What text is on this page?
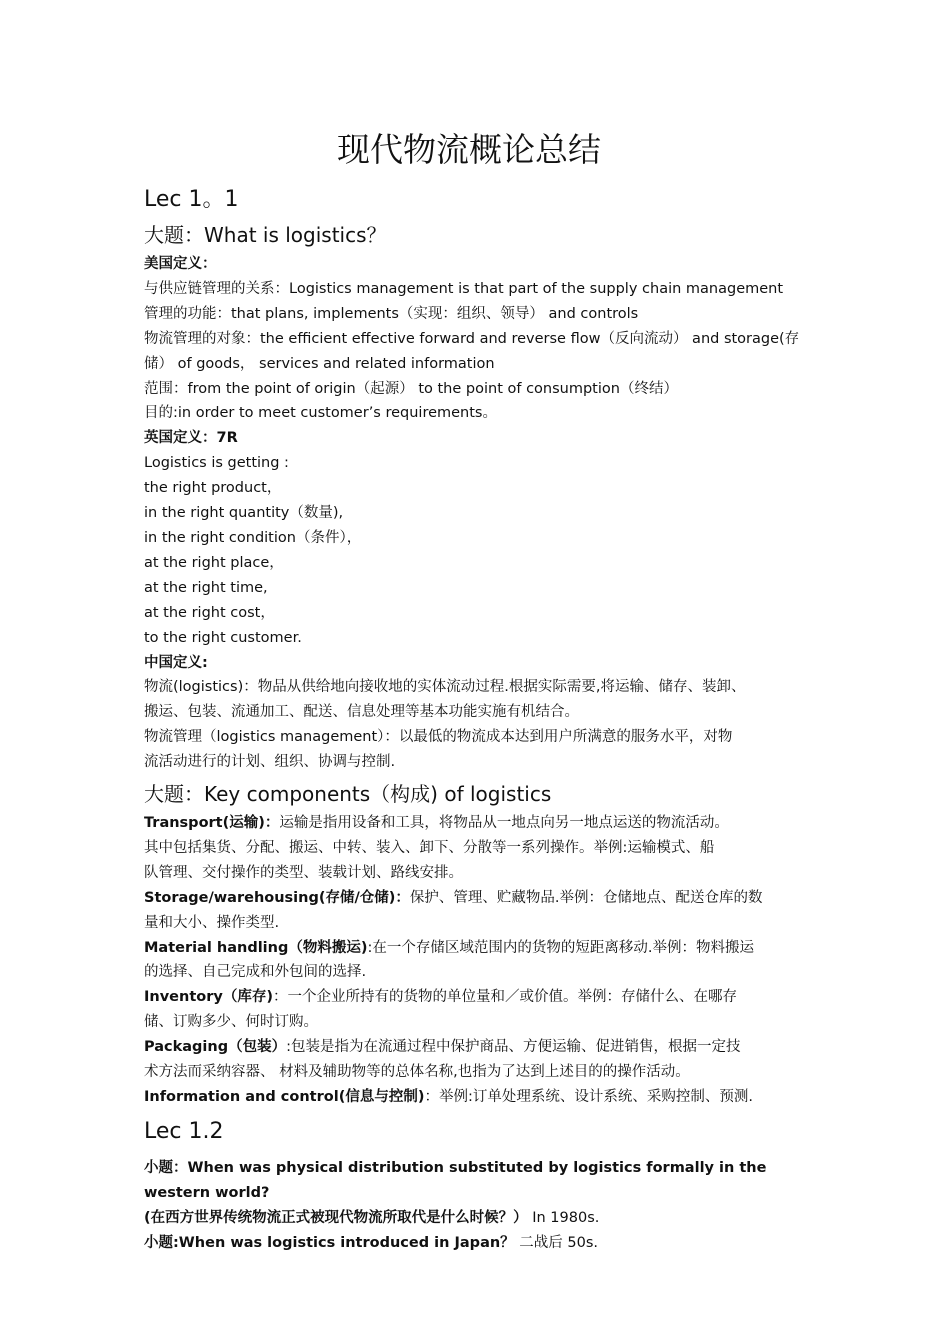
现代物流概论总结
Lec 1。1
大题：What is logistics？
美国定义：
与供应链管理的关系：Logistics management is that part of the supply chain management
管理的功能：that plans, implements（实现：组织、领导） and controls
物流管理的对象：the efficient effective forward and reverse flow（反向流动） and storage(存
储） of goods， services and related information
范围：from the point of origin（起源） to the point of consumption（终结）
目的:in order to meet customer’s requirements。
英国定义：7R
Logistics is getting :
the right product，
in the right quantity（数量),
in the right condition（条件），
at the right place，
at the right time,
at the right cost，
to the right customer.
中国定义:
物流(logistics)：物品从供给地向接收地的实体流动过程.根据实际需要,将运输、储存、装卸、
搬运、包装、流通加工、配送、信息处理等基本功能实施有机结合。
物流管理（logistics management）：以最低的物流成本达到用户所满意的服务水平，对物
流活动进行的计划、组织、协调与控制.
大题：Key components（构成) of logistics
Transport(运输)：运输是指用设备和工具，将物品从一地点向另一地点运送的物流活动。
其中包括集货、分配、搬运、中转、装入、卸下、分散等一系列操作。举例:运输模式、船
队管理、交付操作的类型、装载计划、路线安排。
Storage/warehousing(存储/仓储)：保护、管理、贮藏物品.举例：仓储地点、配送仓库的数
量和大小、操作类型.
Material handling（物料搬运):在一个存储区域范围内的货物的短距离移动.举例：物料搬运
的选择、自己完成和外包间的选择.
Inventory（库存)：一个企业所持有的货物的单位量和／或价值。举例：存储什么、在哪存
储、订购多少、何时订购。
Packaging（包装）:包装是指为在流通过程中保护商品、方便运输、促进销售，根据一定技
术方法而采纳容器、 材料及辅助物等的总体名称,也指为了达到上述目的的操作活动。
Information and control(信息与控制)：举例:订单处理系统、设计系统、采购控制、预测.
Lec 1.2
小题：When was physical distribution substituted by logistics formally in the western world?
(在西方世界传统物流正式被现代物流所取代是什么时候？） In 1980s.
小题:When was logistics introduced in Japan？ 二战后 50s.
